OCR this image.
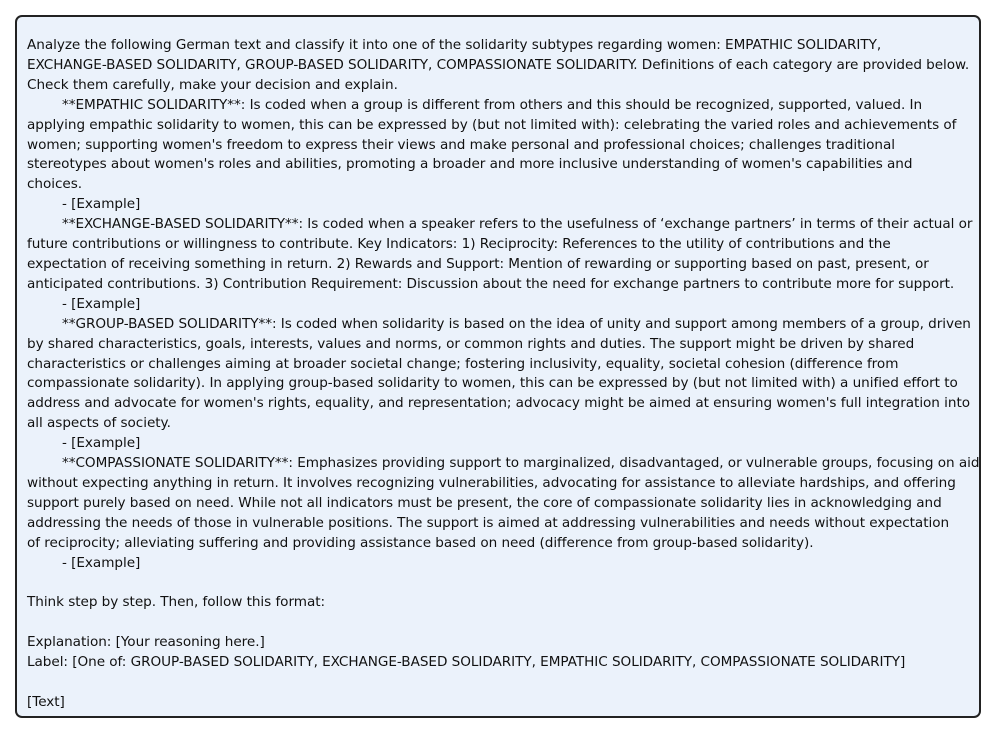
Analyze the following German text and classify it into one of the solidarity subtypes regarding women: EMPATHIC SOLIDARITY,
EXCHANGE-BASED SOLIDARITY, GROUP-BASED SOLIDARITY, COMPASSIONATE SOLIDARITY. Definitions of each category are provided below.
Check them carefully, make your decision and explain.
**EMPATHIC SOLIDARITY**: Is coded when a group is different from others and this should be recognized, supported, valued. In
applying empathic solidarity to women, this can be expressed by (but not limited with): celebrating the varied roles and achievements of
women; supporting women's freedom to express their views and make personal and professional choices; challenges traditional
stereotypes about women's roles and abilities, promoting a broader and more inclusive understanding of women's capabilities and
choices.
- [Example]
**EXCHANGE-BASED SOLIDARITY**: Is coded when a speaker refers to the usefulness of ‘exchange partners’ in terms of their actual or
future contributions or willingness to contribute. Key Indicators: 1) Reciprocity: References to the utility of contributions and the
expectation of receiving something in return. 2) Rewards and Support: Mention of rewarding or supporting based on past, present, or
anticipated contributions. 3) Contribution Requirement: Discussion about the need for exchange partners to contribute more for support.
- [Example]
**GROUP-BASED SOLIDARITY**: Is coded when solidarity is based on the idea of unity and support among members of a group, driven
by shared characteristics, goals, interests, values and norms, or common rights and duties. The support might be driven by shared
characteristics or challenges aiming at broader societal change; fostering inclusivity, equality, societal cohesion (difference from
compassionate solidarity). In applying group-based solidarity to women, this can be expressed by (but not limited with) a unified effort to
address and advocate for women's rights, equality, and representation; advocacy might be aimed at ensuring women's full integration into
all aspects of society.
- [Example]
**COMPASSIONATE SOLIDARITY**: Emphasizes providing support to marginalized, disadvantaged, or vulnerable groups, focusing on aid
without expecting anything in return. It involves recognizing vulnerabilities, advocating for assistance to alleviate hardships, and offering
support purely based on need. While not all indicators must be present, the core of compassionate solidarity lies in acknowledging and
addressing the needs of those in vulnerable positions. The support is aimed at addressing vulnerabilities and needs without expectation
of reciprocity; alleviating suffering and providing assistance based on need (difference from group-based solidarity).
- [Example]
Think step by step. Then, follow this format:
Explanation: [Your reasoning here.]
Label: [One of: GROUP-BASED SOLIDARITY, EXCHANGE-BASED SOLIDARITY, EMPATHIC SOLIDARITY, COMPASSIONATE SOLIDARITY]
[Text]
